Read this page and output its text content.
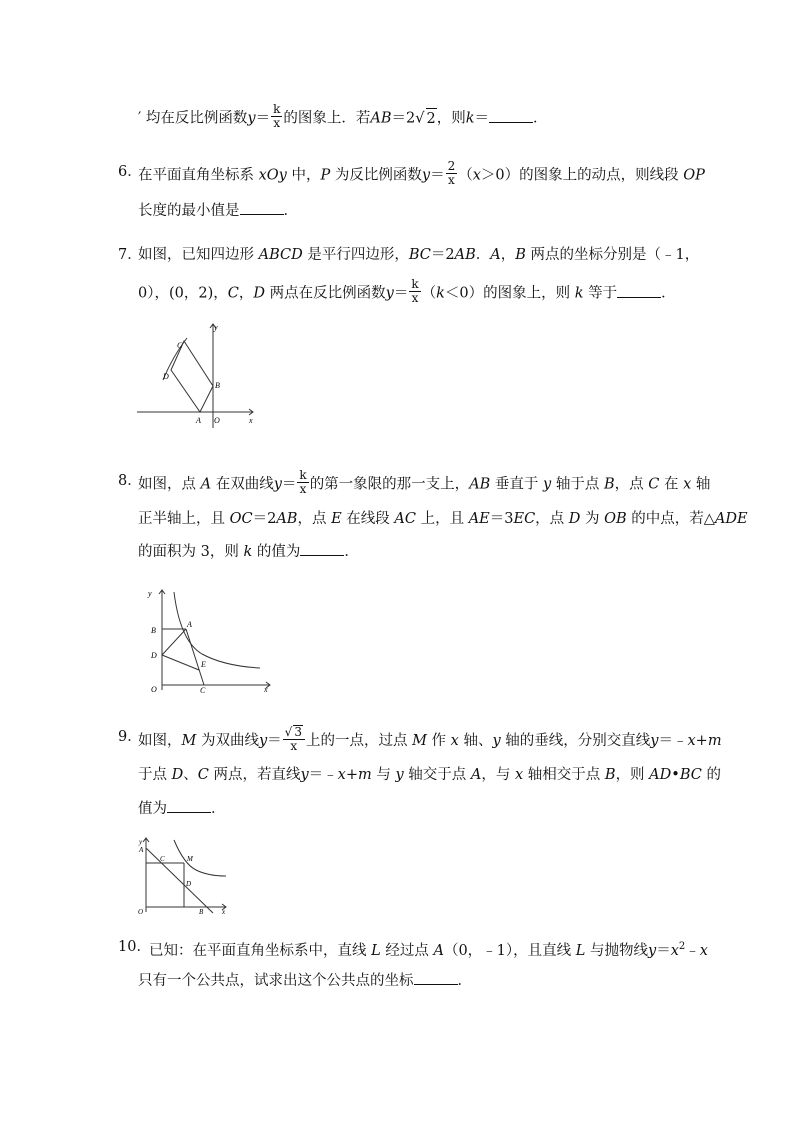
′ 均在反比例函数$y= \frac{k}{x}$ 的图象上．若AB＝2√ 2，则k＝	．
6．
在平面直角坐标系 xOy 中，P 为反比例函数$y= \frac{2}{x} (x>0)$的图象上的动点，则线段 OP
长度的最小值是	．
7．
如图，已知四边形 ABCD 是平行四边形，BC＝2AB．A，B 两点的坐标分别是（﹣1，
0），(0，2)，C，D 两点在反比例函数$y= \frac{k}{x} (k<0)$的图象上，则 k 等于	．
y
x
O
A
B
C
D
8．
如图，点 A 在双曲线$y= \frac{k}{x}$ 的第一象限的那一支上，AB 垂直于 y 轴于点 B，点 C 在 x 轴
正半轴上，且 OC＝2AB，点 E 在线段 AC 上，且 AE＝3EC，点 D 为 OB 的中点，若△ADE
的面积为 3，则 k 的值为	．
y
x
O
A
B
C
D
E
9．
如图，M 为双曲线$y= \frac{√ 3}{x}$ 上的一点，过点 M 作 x 轴、y 轴的垂线，分别交直线y＝﹣x+m
于点 D、C 两点，若直线y＝﹣x+m 与 y 轴交于点 A，与 x 轴相交于点 B，则 AD•BC 的
值为	．
y
x
O
A
B
C
D
M
10．
已知：在平面直角坐标系中，直线 L 经过点 A（0，﹣1），且直线 L 与抛物线$y=x^2﹣x$
只有一个公共点，试求出这个公共点的坐标	．
